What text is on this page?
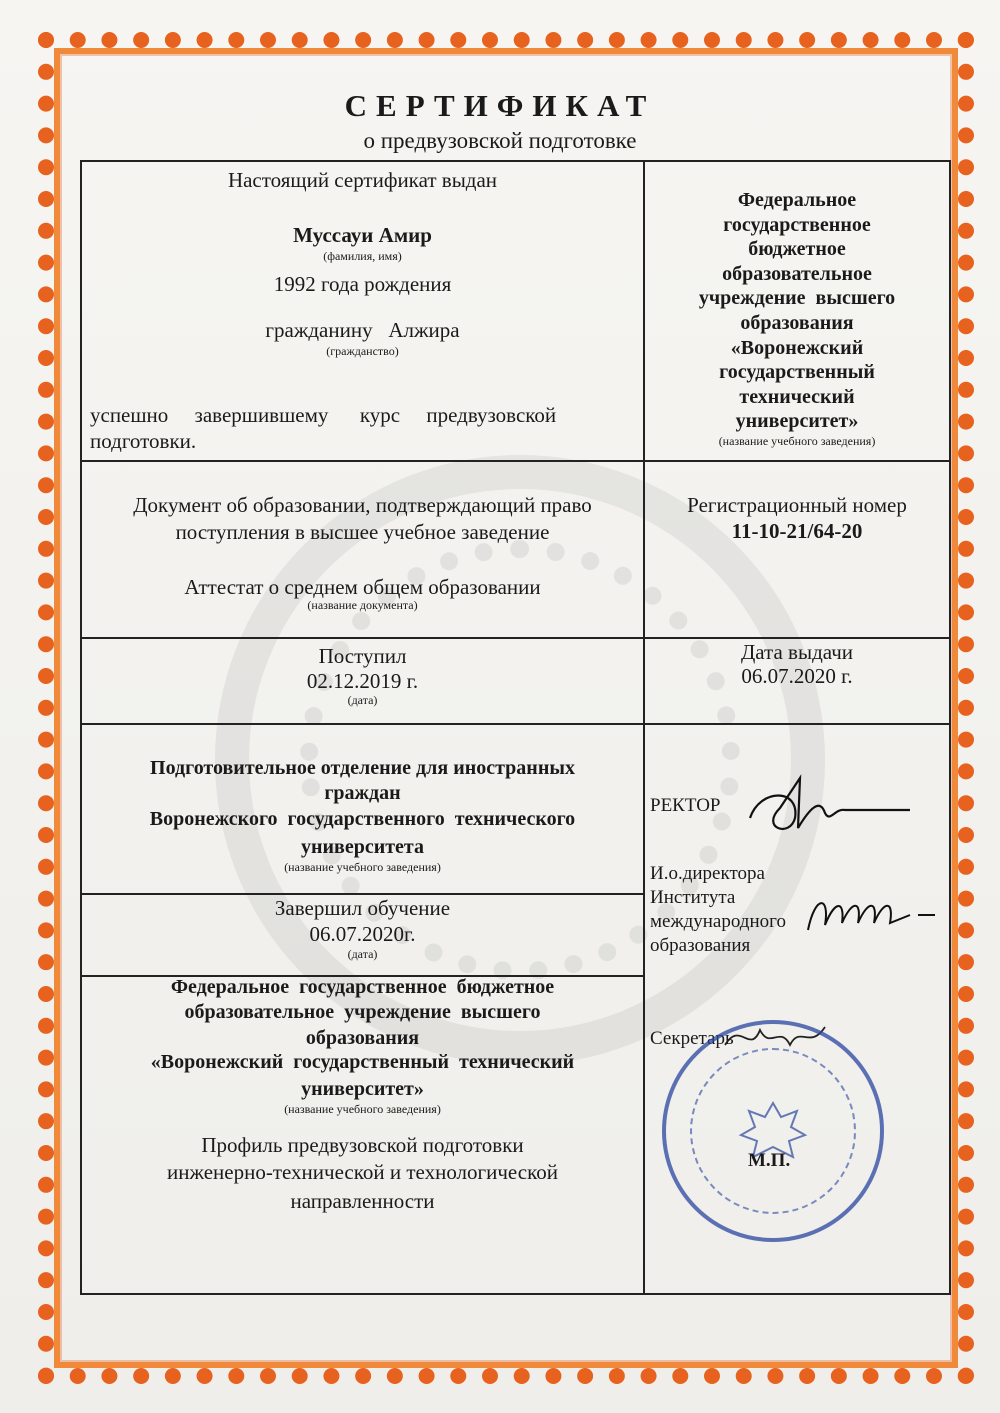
СЕРТИФИКАТ
о предвузовской подготовке
Настоящий сертификат выдан
Муссауи Амир
(фамилия, имя)
1992 года рождения
гражданину   Алжира
(гражданство)
успешно     завершившему      курс     предвузовской
подготовки.
Федеральное
государственное
бюджетное
образовательное
учреждение  высшего
образования
«Воронежский
государственный
технический
университет»
(название учебного заведения)
Документ об образовании, подтверждающий право
поступления в высшее учебное заведение
Аттестат о среднем общем образовании
(название документа)
Регистрационный номер
11-10-21/64-20
Поступил
02.12.2019 г.
(дата)
Дата выдачи
06.07.2020 г.
Подготовительное отделение для иностранных
граждан
Воронежского  государственного  технического
университета
(название учебного заведения)
Завершил обучение
06.07.2020г.
(дата)
Федеральное  государственное  бюджетное
образовательное  учреждение  высшего
образования
«Воронежский  государственный  технический
университет»
(название учебного заведения)
Профиль предвузовской подготовки
инженерно-технической и технологической
направленности
РЕКТОР
И.о.директора
Института
международного
образования
Секретарь
М.П.
